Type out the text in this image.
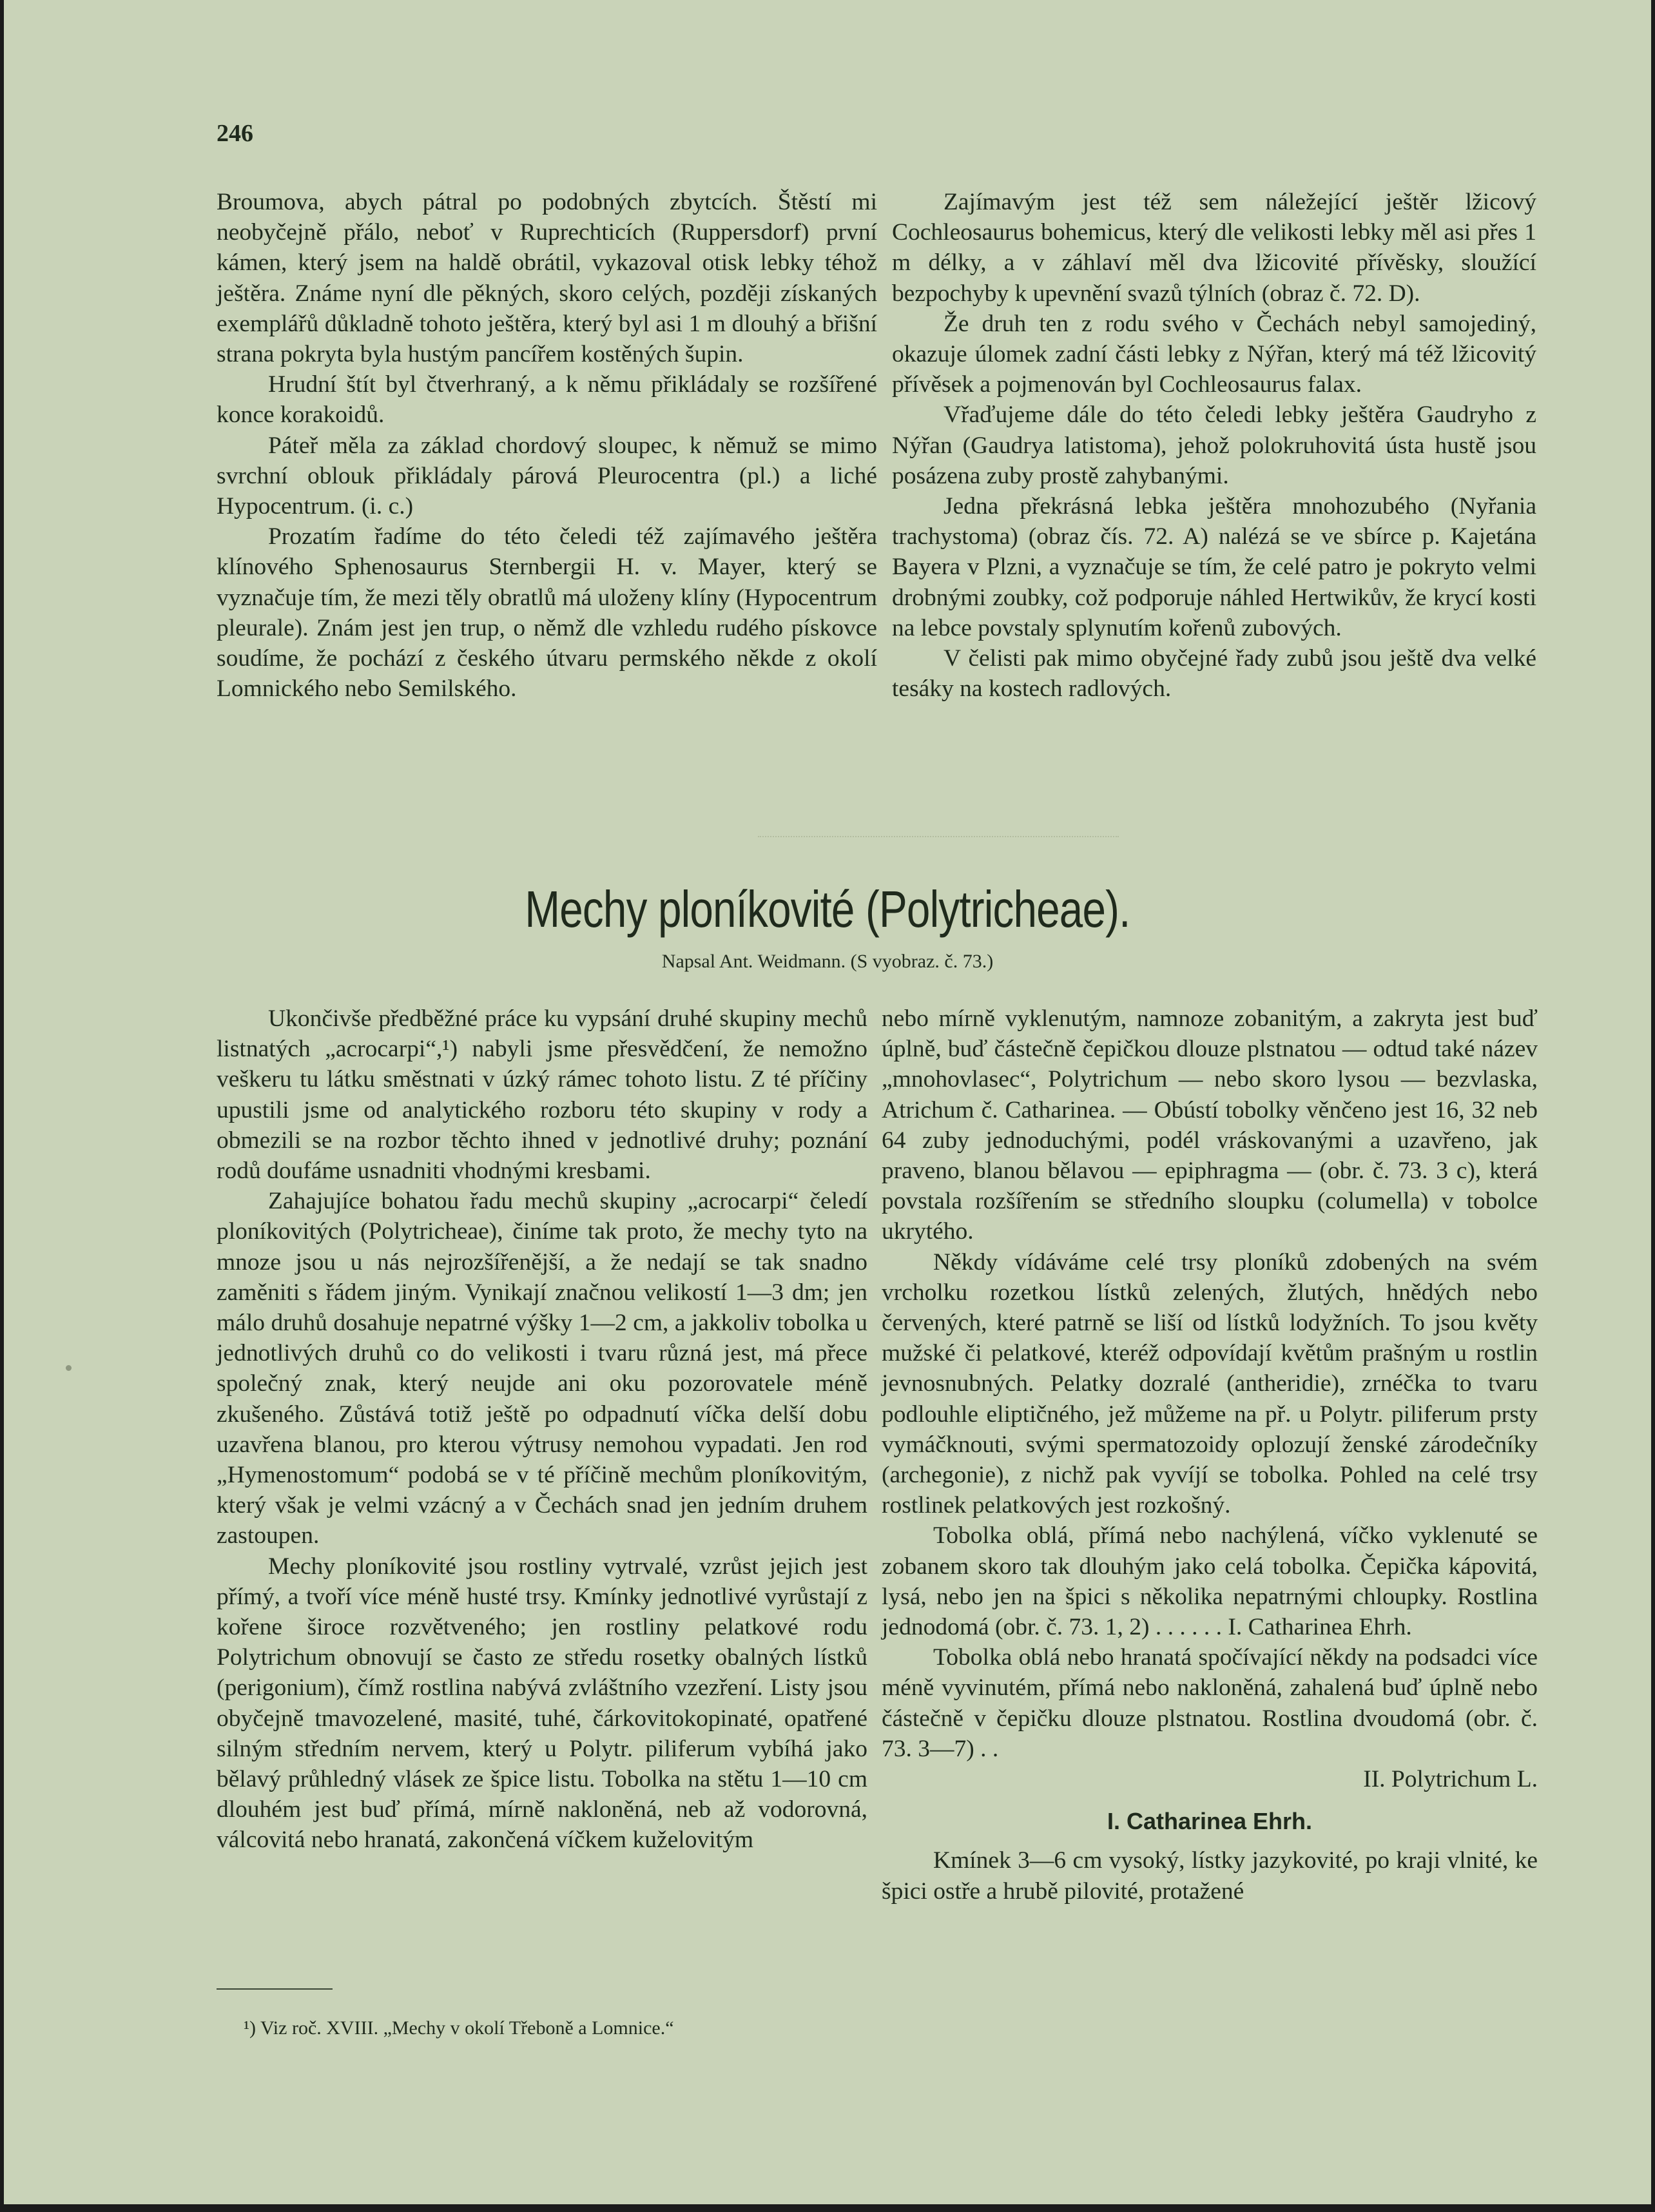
246

Broumova, abych pátral po podobných zbytcích. Štěstí mi neobyčejně přálo, neboť v Ruprechticích (Ruppersdorf) první kámen, který jsem na haldě obrátil, vykazoval otisk lebky téhož ještěra. Známe nyní dle pěkných, skoro celých, později získaných exemplářů důkladně tohoto ještěra, který byl asi 1 m dlouhý a břišní strana pokryta byla hustým pancířem kostěných šupin.

Hrudní štít byl čtverhraný, a k němu přikládaly se rozšířené konce korakoidů.

Páteř měla za základ chordový sloupec, k němuž se mimo svrchní oblouk přikládaly párová Pleurocentra (pl.) a liché Hypocentrum. (i. c.)

Prozatím řadíme do této čeledi též zajímavého ještěra klínového Sphenosaurus Sternbergii H. v. Mayer, který se vyznačuje tím, že mezi těly obratlů má uloženy klíny (Hypocentrum pleurale). Znám jest jen trup, o němž dle vzhledu rudého pískovce soudíme, že pochází z českého útvaru permského někde z okolí Lomnického nebo Semilského.

Zajímavým jest též sem náležející ještěr lžicový Cochleosaurus bohemicus, který dle velikosti lebky měl asi přes 1 m délky, a v záhlaví měl dva lžicovité přívěsky, sloužící bezpochyby k upevnění svazů týlních (obraz č. 72. D).

Že druh ten z rodu svého v Čechách nebyl samojediný, okazuje úlomek zadní části lebky z Nýřan, který má též lžicovitý přívěsek a pojmenován byl Cochleosaurus falax.

Vřaďujeme dále do této čeledi lebky ještěra Gaudryho z Nýřan (Gaudrya latistoma), jehož polokruhovitá ústa hustě jsou posázena zuby prostě zahybanými.

Jedna překrásná lebka ještěra mnohozubého (Nyřania trachystoma) (obraz čís. 72. A) nalézá se ve sbírce p. Kajetána Bayera v Plzni, a vyznačuje se tím, že celé patro je pokryto velmi drobnými zoubky, což podporuje náhled Hertwikův, že krycí kosti na lebce povstaly splynutím kořenů zubových.

V čelisti pak mimo obyčejné řady zubů jsou ještě dva velké tesáky na kostech radlových.

Mechy ploníkovité (Polytricheae).
Napsal Ant. Weidmann. (S vyobraz. č. 73.)

Ukončivše předběžné práce ku vypsání druhé skupiny mechů listnatých „acrocarpi“,¹) nabyli jsme přesvědčení, že nemožno veškeru tu látku směstnati v úzký rámec tohoto listu. Z té příčiny upustili jsme od analytického rozboru této skupiny v rody a obmezili se na rozbor těchto ihned v jednotlivé druhy; poznání rodů doufáme usnadniti vhodnými kresbami.

Zahajujíce bohatou řadu mechů skupiny „acrocarpi“ čeledí ploníkovitých (Polytricheae), činíme tak proto, že mechy tyto na mnoze jsou u nás nejrozšířenější, a že nedají se tak snadno zaměniti s řádem jiným. Vynikají značnou velikostí 1—3 dm; jen málo druhů dosahuje nepatrné výšky 1—2 cm, a jakkoliv tobolka u jednotlivých druhů co do velikosti i tvaru různá jest, má přece společný znak, který neujde ani oku pozorovatele méně zkušeného. Zůstává totiž ještě po odpadnutí víčka delší dobu uzavřena blanou, pro kterou výtrusy nemohou vypadati. Jen rod „Hymenostomum“ podobá se v té příčině mechům ploníkovitým, který však je velmi vzácný a v Čechách snad jen jedním druhem zastoupen.

Mechy ploníkovité jsou rostliny vytrvalé, vzrůst jejich jest přímý, a tvoří více méně husté trsy. Kmínky jednotlivé vyrůstají z kořene široce rozvětveného; jen rostliny pelatkové rodu Polytrichum obnovují se často ze středu rosetky obalných lístků (perigonium), čímž rostlina nabývá zvláštního vzezření. Listy jsou obyčejně tmavozelené, masité, tuhé, čárkovitokopinaté, opatřené silným středním nervem, který u Polytr. piliferum vybíhá jako bělavý průhledný vlásek ze špice listu. Tobolka na stětu 1—10 cm dlouhém jest buď přímá, mírně nakloněná, neb až vodorovná, válcovitá nebo hranatá, zakončená víčkem kuželovitým

nebo mírně vyklenutým, namnoze zobanitým, a zakryta jest buď úplně, buď částečně čepičkou dlouze plstnatou — odtud také název „mnohovlasec“, Polytrichum — nebo skoro lysou — bezvlaska, Atrichum č. Catharinea. — Obústí tobolky věnčeno jest 16, 32 neb 64 zuby jednoduchými, podél vráskovanými a uzavřeno, jak praveno, blanou bělavou — epiphragma — (obr. č. 73. 3 c), která povstala rozšířením se středního sloupku (columella) v tobolce ukrytého.

Někdy vídáváme celé trsy ploníků zdobených na svém vrcholku rozetkou lístků zelených, žlutých, hnědých nebo červených, které patrně se liší od lístků lodyžních. To jsou květy mužské či pelatkové, kteréž odpovídají květům prašným u rostlin jevnosnubných. Pelatky dozralé (antheridie), zrnéčka to tvaru podlouhle eliptičného, jež můžeme na př. u Polytr. piliferum prsty vymáčknouti, svými spermatozoidy oplozují ženské zárodečníky (archegonie), z nichž pak vyvíjí se tobolka. Pohled na celé trsy rostlinek pelatkových jest rozkošný.

Tobolka oblá, přímá nebo nachýlená, víčko vyklenuté se zobanem skoro tak dlouhým jako celá tobolka. Čepička kápovitá, lysá, nebo jen na špici s několika nepatrnými chloupky. Rostlina jednodomá (obr. č. 73. 1, 2) . . . . . . I. Catharinea Ehrh.

Tobolka oblá nebo hranatá spočívající někdy na podsadci více méně vyvinutém, přímá nebo nakloněná, zahalená buď úplně nebo částečně v čepičku dlouze plstnatou. Rostlina dvoudomá (obr. č. 73. 3—7) . .

II. Polytrichum L.

I. Catharinea Ehrh.

Kmínek 3—6 cm vysoký, lístky jazykovité, po kraji vlnité, ke špici ostře a hrubě pilovité, protažené

¹) Viz roč. XVIII. „Mechy v okolí Třeboně a Lomnice.“
